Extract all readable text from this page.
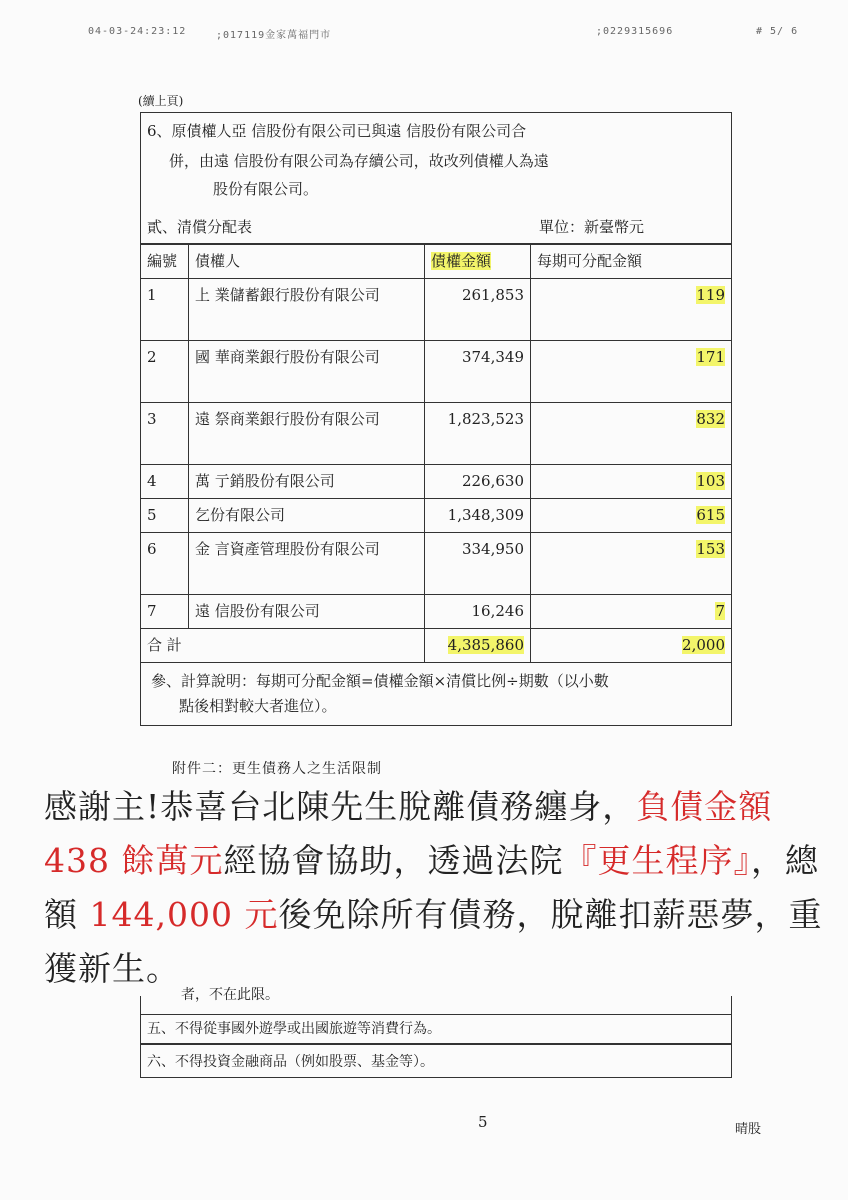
04-03-24:23:12	;017119金家萬福門市	;0229315696	# 5/ 6
(續上頁)
6、原債權人亞 信股份有限公司已與遠 信股份有限公司合
併，由遠 信股份有限公司為存續公司，故改列債權人為遠
股份有限公司。
貳、清償分配表	單位：新臺幣元
編號	債權人	債權金額	每期可分配金額
1	上 業儲蓄銀行股份有限公司	261,853	119
2	國 華商業銀行股份有限公司	374,349	171
3	遠 祭商業銀行股份有限公司	1,823,523	832
4	萬 亍銷股份有限公司	226,630	103
5	乞份有限公司	1,348,309	615
6	金 言資產管理股份有限公司	334,950	153
7	遠 信股份有限公司	16,246	7
合 計		4,385,860	2,000

參、計算說明：每期可分配金額=債權金額×清償比例÷期數（以小數
點後相對較大者進位）。			
附件二：更生債務人之生活限制
感謝主!恭喜台北陳先生脫離債務纏身，負債金額 438 餘萬元經協會協助，透過法院『更生程序』，總額 144,000 元後免除所有債務，脫離扣薪惡夢，重獲新生。
者，不在此限。
五、不得從事國外遊學或出國旅遊等消費行為。
六、不得投資金融商品（例如股票、基金等）。
5	晴股
